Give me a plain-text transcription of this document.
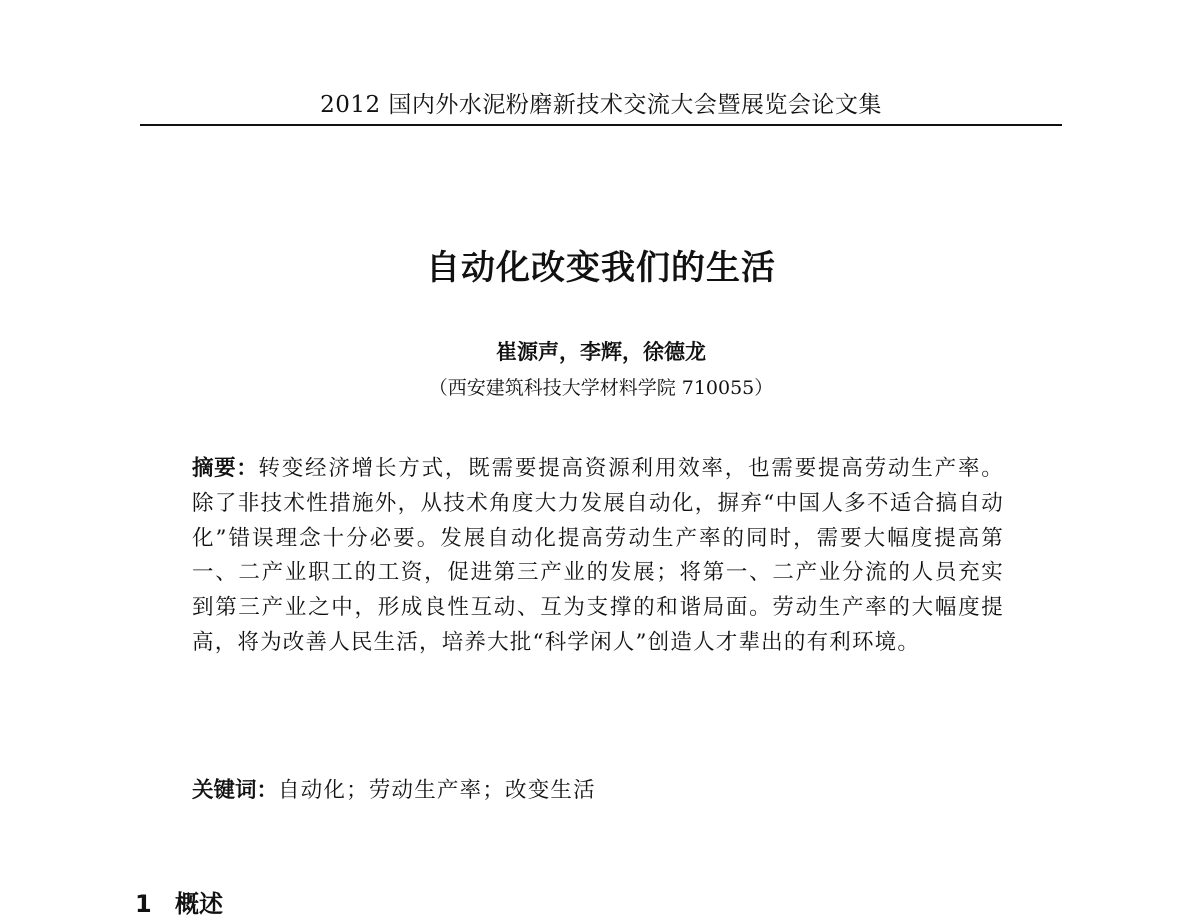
2012 国内外水泥粉磨新技术交流大会暨展览会论文集
自动化改变我们的生活
崔源声，李辉，徐德龙
（西安建筑科技大学材料学院 710055）
摘要：转变经济增长方式，既需要提高资源利用效率，也需要提高劳动生产率。除了非技术性措施外，从技术角度大力发展自动化，摒弃“中国人多不适合搞自动化”错误理念十分必要。发展自动化提高劳动生产率的同时，需要大幅度提高第一、二产业职工的工资，促进第三产业的发展；将第一、二产业分流的人员充实到第三产业之中，形成良性互动、互为支撑的和谐局面。劳动生产率的大幅度提高，将为改善人民生活，培养大批“科学闲人”创造人才辈出的有利环境。
关键词：自动化；劳动生产率；改变生活
1 概述
